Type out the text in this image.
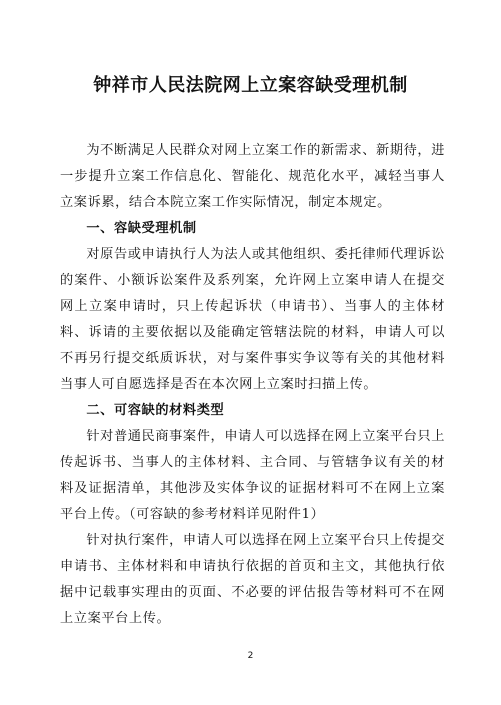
钟祥市人民法院网上立案容缺受理机制

为不断满足人民群众对网上立案工作的新需求、新期待，进一步提升立案工作信息化、智能化、规范化水平，减轻当事人立案诉累，结合本院立案工作实际情况，制定本规定。

一、容缺受理机制

对原告或申请执行人为法人或其他组织、委托律师代理诉讼的案件、小额诉讼案件及系列案，允许网上立案申请人在提交网上立案申请时，只上传起诉状（申请书）、当事人的主体材料、诉请的主要依据以及能确定管辖法院的材料，申请人可以不再另行提交纸质诉状，对与案件事实争议等有关的其他材料当事人可自愿选择是否在本次网上立案时扫描上传。

二、可容缺的材料类型

针对普通民商事案件，申请人可以选择在网上立案平台只上传起诉书、当事人的主体材料、主合同、与管辖争议有关的材料及证据清单，其他涉及实体争议的证据材料可不在网上立案平台上传。（可容缺的参考材料详见附件1）

针对执行案件，申请人可以选择在网上立案平台只上传提交申请书、主体材料和申请执行依据的首页和主文，其他执行依据中记载事实理由的页面、不必要的评估报告等材料可不在网上立案平台上传。

2
